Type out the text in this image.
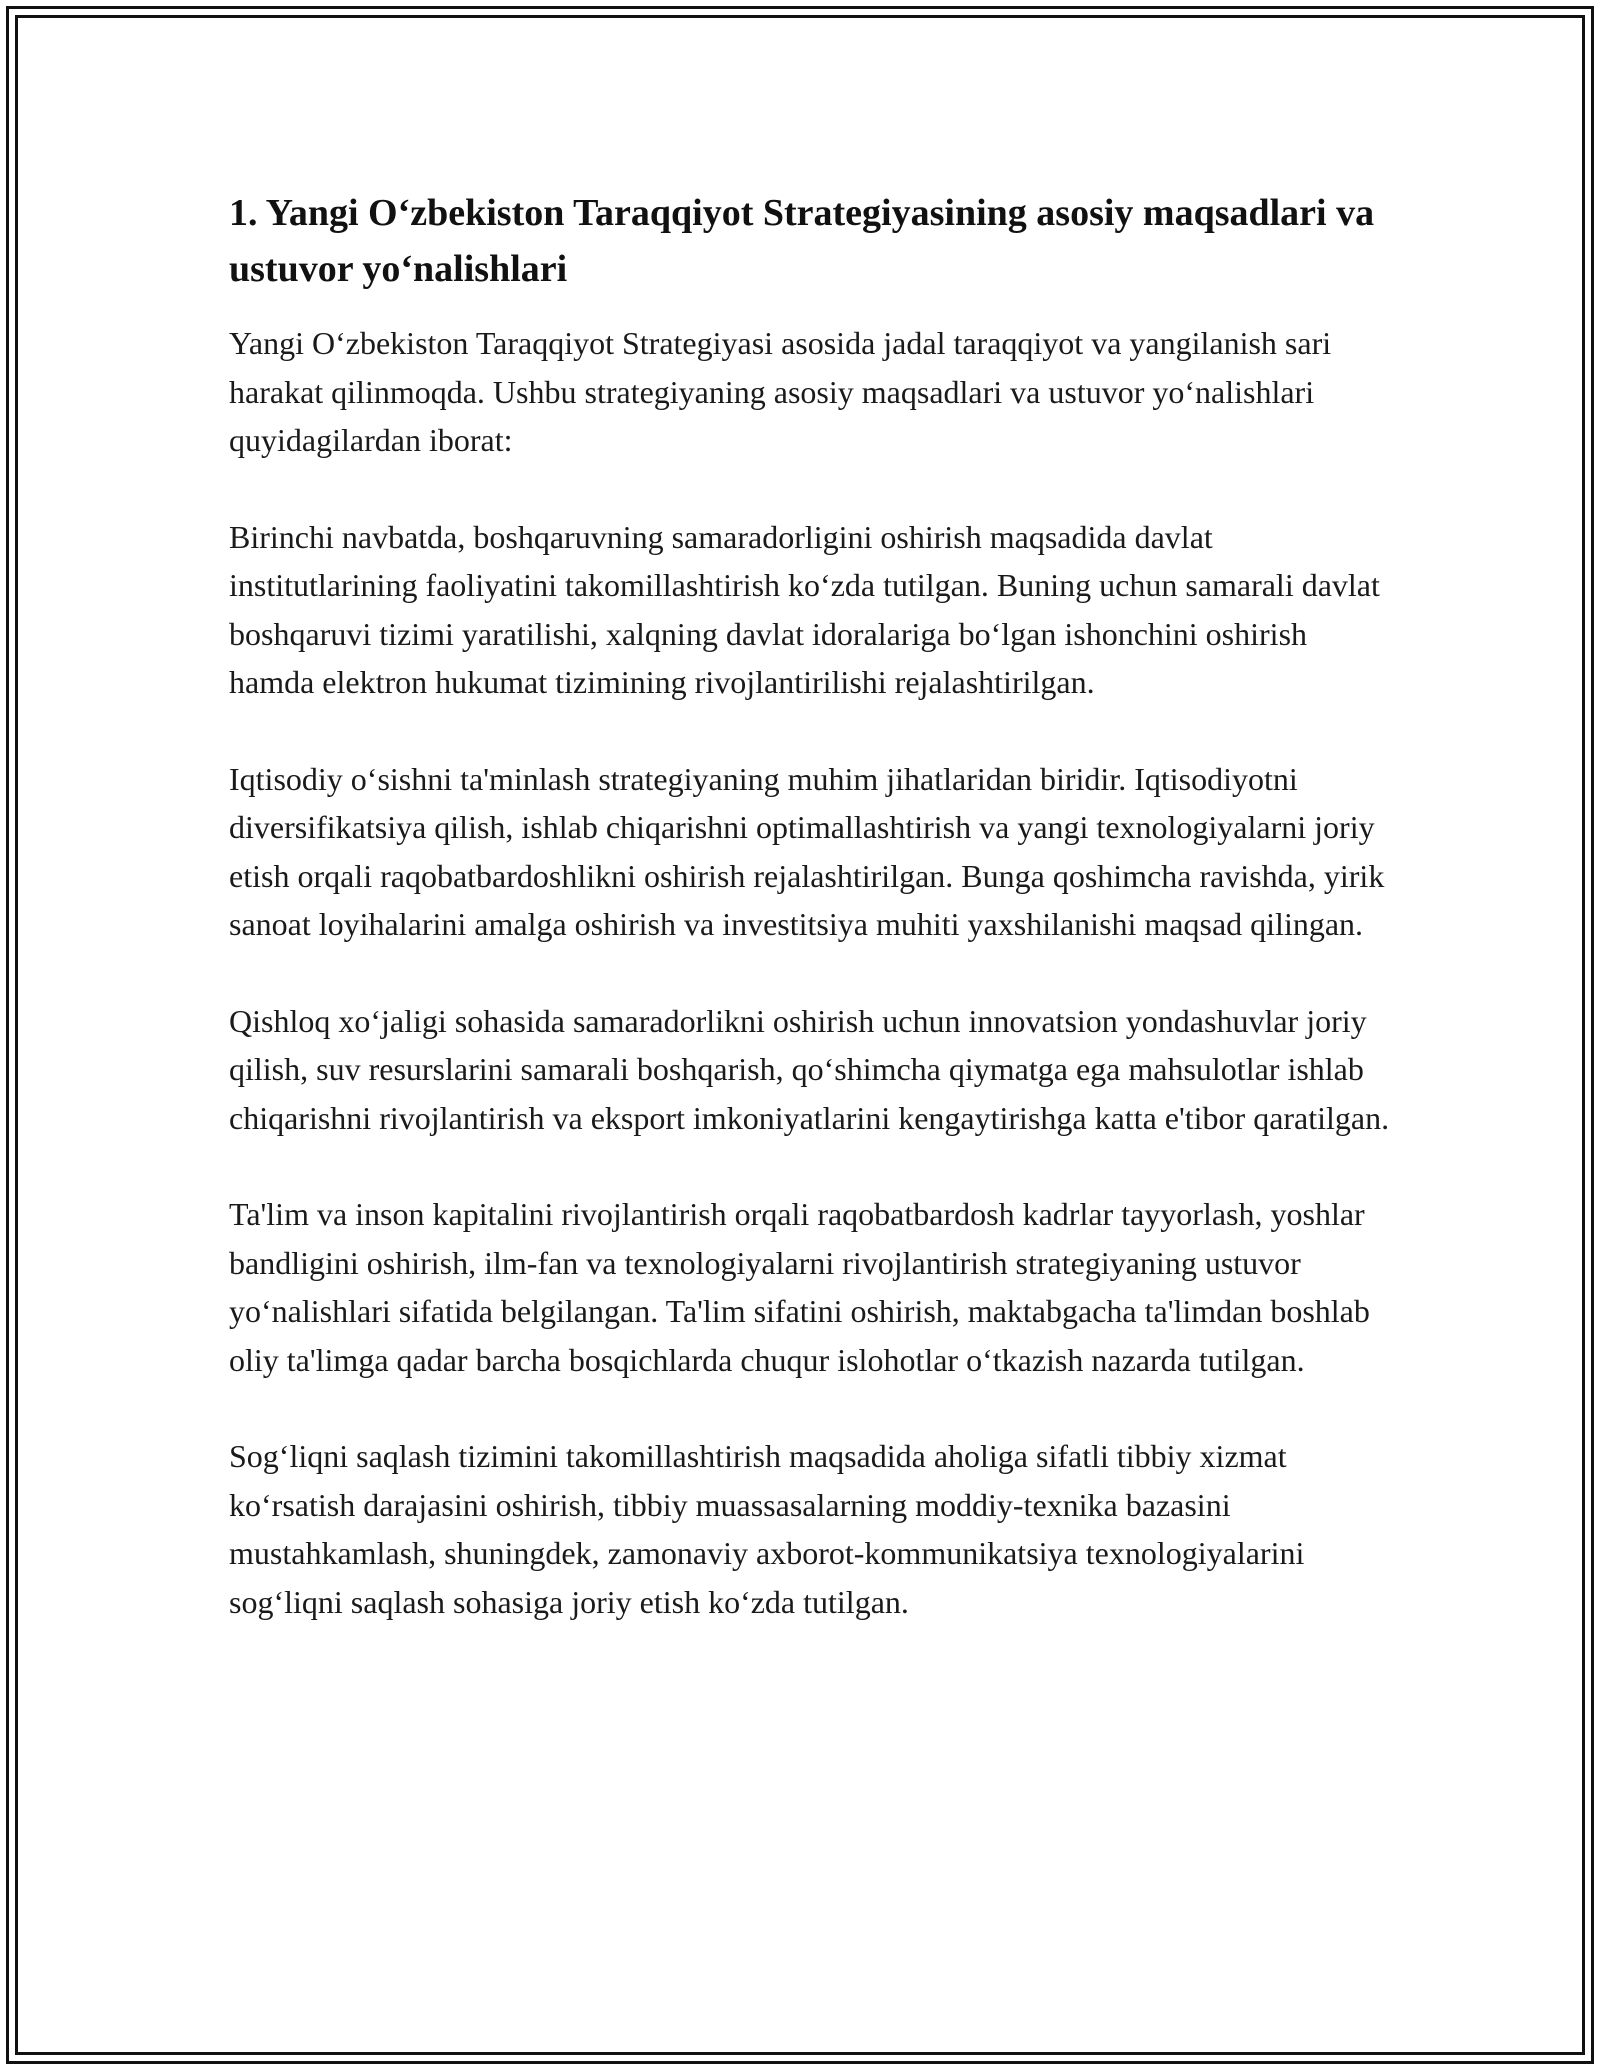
1. Yangi O‘zbekiston Taraqqiyot Strategiyasining asosiy maqsadlari va ustuvor yo‘nalishlari

Yangi O‘zbekiston Taraqqiyot Strategiyasi asosida jadal taraqqiyot va yangilanish sari harakat qilinmoqda. Ushbu strategiyaning asosiy maqsadlari va ustuvor yo‘nalishlari quyidagilardan iborat:

Birinchi navbatda, boshqaruvning samaradorligini oshirish maqsadida davlat institutlarining faoliyatini takomillashtirish ko‘zda tutilgan. Buning uchun samarali davlat boshqaruvi tizimi yaratilishi, xalqning davlat idoralariga bo‘lgan ishonchini oshirish hamda elektron hukumat tizimining rivojlantirilishi rejalashtirilgan.

Iqtisodiy o‘sishni ta'minlash strategiyaning muhim jihatlaridan biridir. Iqtisodiyotni diversifikatsiya qilish, ishlab chiqarishni optimallashtirish va yangi texnologiyalarni joriy etish orqali raqobatbardoshlikni oshirish rejalashtirilgan. Bunga qoshimcha ravishda, yirik sanoat loyihalarini amalga oshirish va investitsiya muhiti yaxshilanishi maqsad qilingan.

Qishloq xo‘jaligi sohasida samaradorlikni oshirish uchun innovatsion yondashuvlar joriy qilish, suv resurslarini samarali boshqarish, qo‘shimcha qiymatga ega mahsulotlar ishlab chiqarishni rivojlantirish va eksport imkoniyatlarini kengaytirishga katta e'tibor qaratilgan.

Ta'lim va inson kapitalini rivojlantirish orqali raqobatbardosh kadrlar tayyorlash, yoshlar bandligini oshirish, ilm-fan va texnologiyalarni rivojlantirish strategiyaning ustuvor yo‘nalishlari sifatida belgilangan. Ta'lim sifatini oshirish, maktabgacha ta'limdan boshlab oliy ta'limga qadar barcha bosqichlarda chuqur islohotlar o‘tkazish nazarda tutilgan.

Sog‘liqni saqlash tizimini takomillashtirish maqsadida aholiga sifatli tibbiy xizmat ko‘rsatish darajasini oshirish, tibbiy muassasalarning moddiy-texnika bazasini mustahkamlash, shuningdek, zamonaviy axborot-kommunikatsiya texnologiyalarini sog‘liqni saqlash sohasiga joriy etish ko‘zda tutilgan.
